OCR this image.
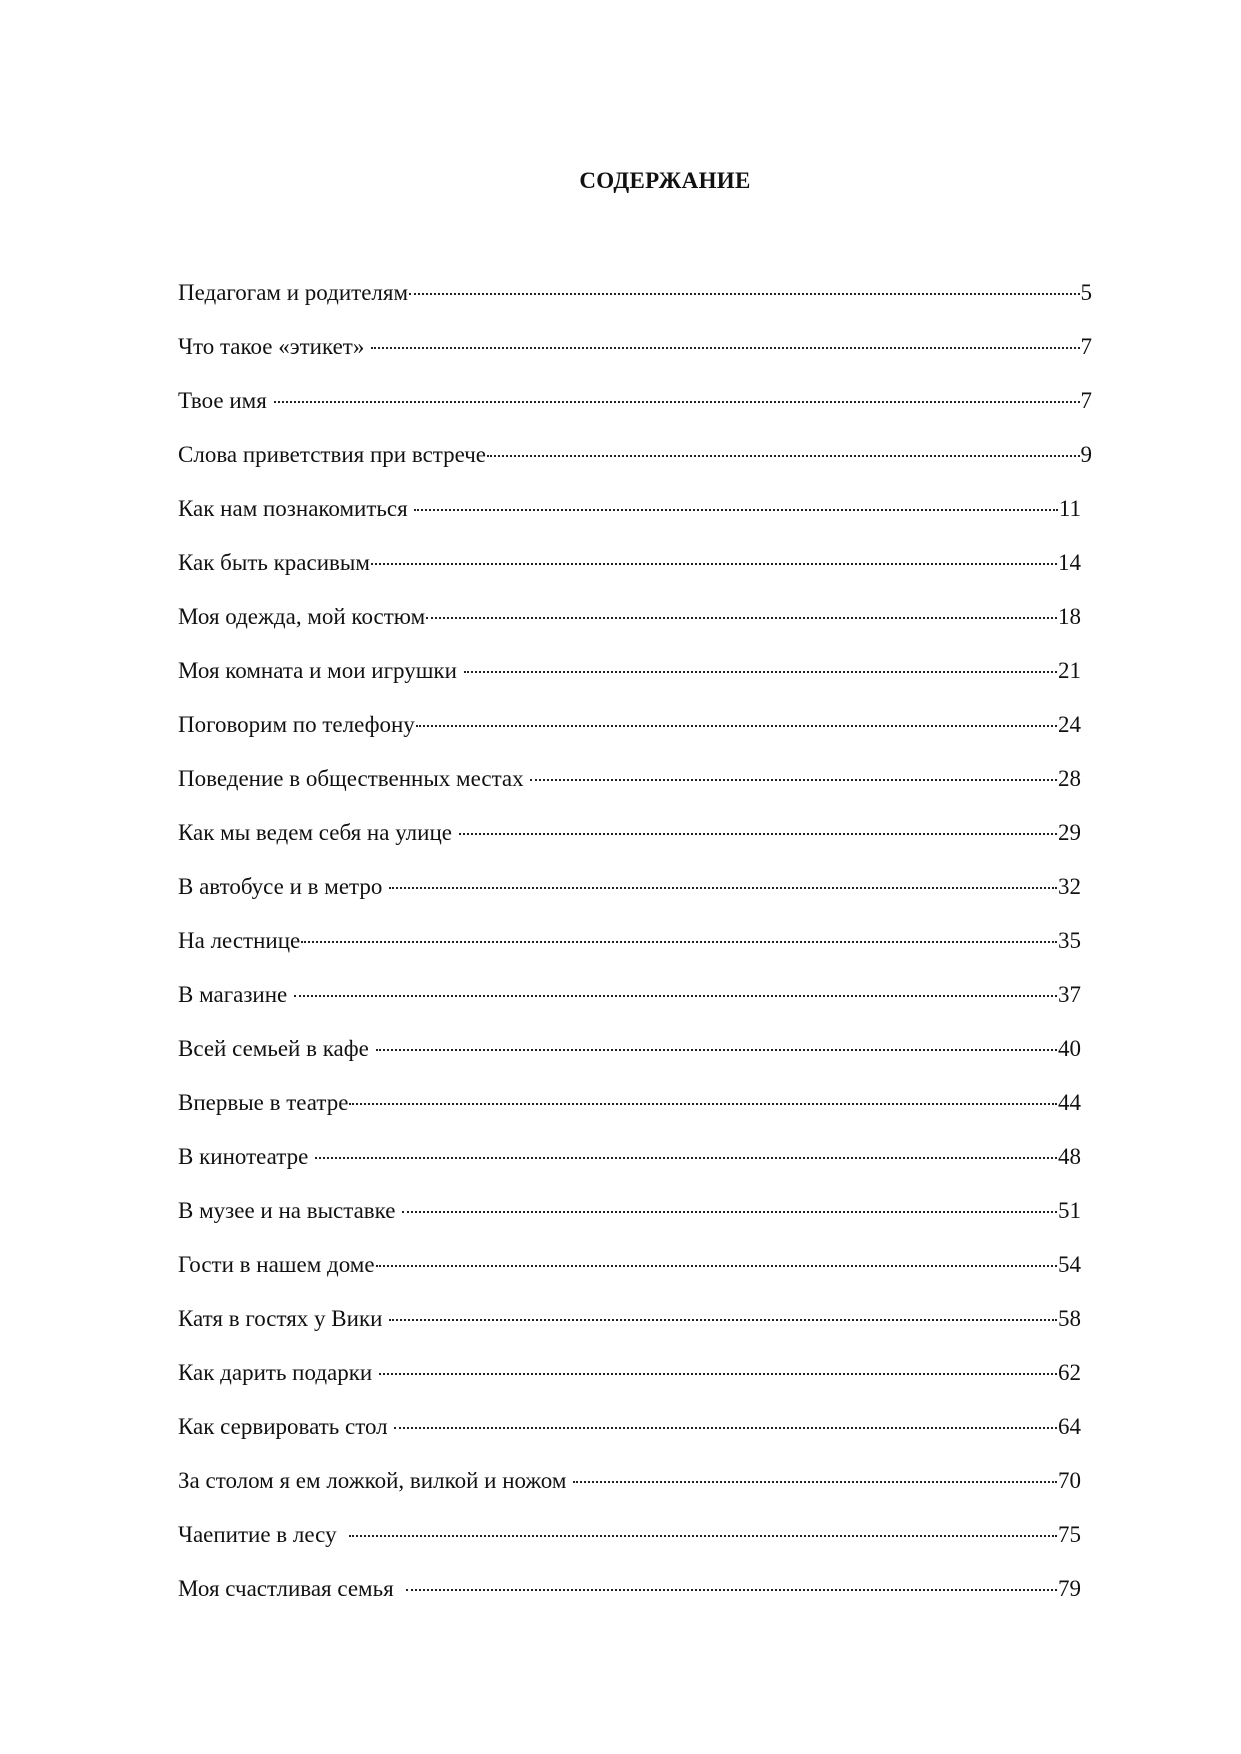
СОДЕРЖАНИЕ
Педагогам и родителям	5
Что такое «этикет»	7
Твое имя	7
Слова приветствия при встрече	9
Как нам познакомиться	11
Как быть красивым	14
Моя одежда, мой костюм	18
Моя комната и мои игрушки	21
Поговорим по телефону	24
Поведение в общественных местах	28
Как мы ведем себя на улице	29
В автобусе и в метро	32
На лестнице	35
В магазине	37
Всей семьей в кафе	40
Впервые в театре	44
В кинотеатре	48
В музее и на выставке	51
Гости в нашем доме	54
Катя в гостях у Вики	58
Как дарить подарки	62
Как сервировать стол	64
За столом я ем ложкой, вилкой и ножом	70
Чаепитие в лесу	75
Моя счастливая семья	79
